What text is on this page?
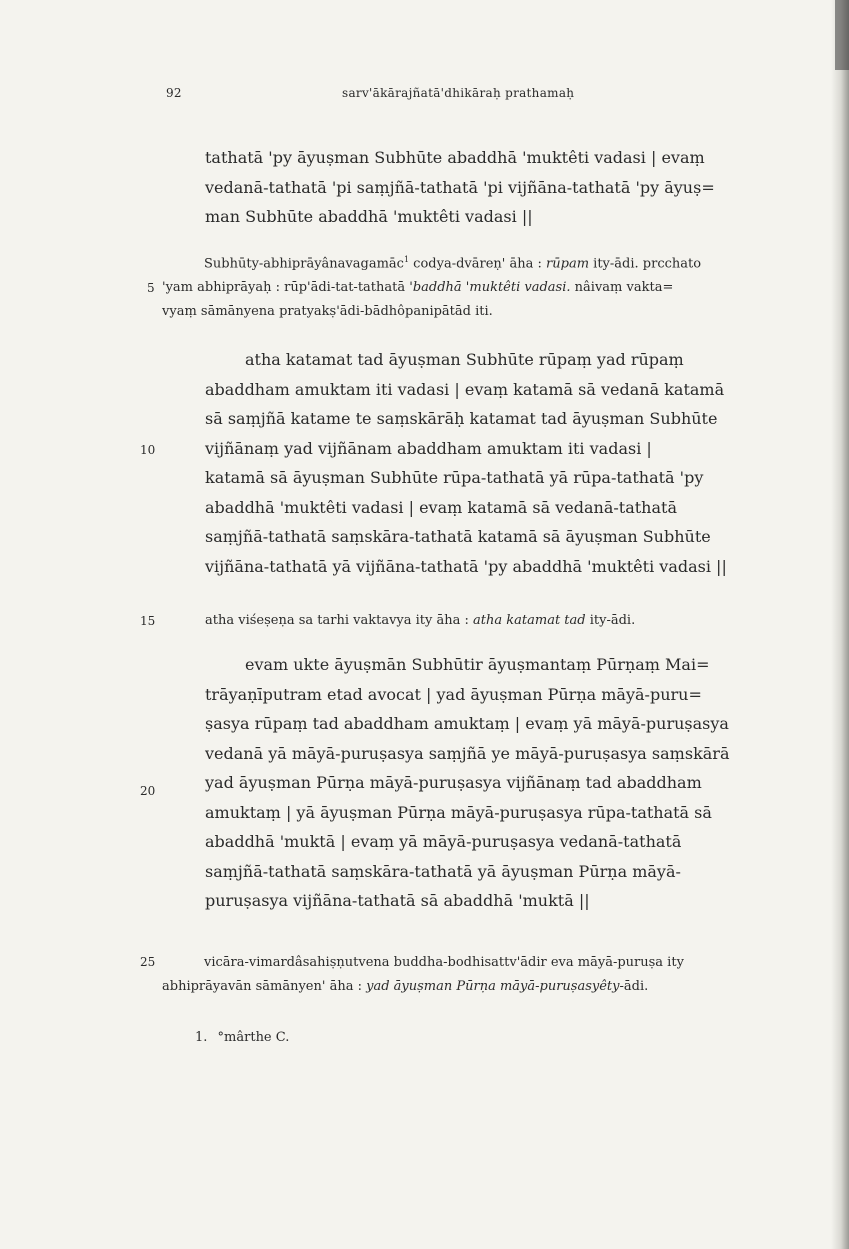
92	sarv'ākārajñatā'dhikāraḥ prathamaḥ
5
10
15
20
25
tathatā 'py āyuṣman Subhūte abaddhā 'muktêti vadasi | evaṃ
vedanā-tathatā 'pi saṃjñā-tathatā 'pi vijñāna-tathatā 'py āyuṣ=
man Subhūte abaddhā 'muktêti vadasi ||
Subhūty-abhiprāyânavagamāc$^1$ codya-dvāreṇ' āha : rūpam ity-ādi. prcchato
'yam abhiprāyaḥ : rūp'ādi-tat-tathatā 'baddhā 'muktêti vadasi. nâivaṃ vakta=
vyaṃ sāmānyena pratyakṣ'ādi-bādhôpanipātād iti.
atha katamat tad āyuṣman Subhūte rūpaṃ yad rūpaṃ
abaddham amuktam iti vadasi | evaṃ katamā sā vedanā katamā
sā saṃjñā katame te saṃskārāḥ katamat tad āyuṣman Subhūte
vijñānaṃ yad vijñānam abaddham amuktam iti vadasi |
katamā sā āyuṣman Subhūte rūpa-tathatā yā rūpa-tathatā 'py
abaddhā 'muktêti vadasi | evaṃ katamā sā vedanā-tathatā
saṃjñā-tathatā saṃskāra-tathatā katamā sā āyuṣman Subhūte
vijñāna-tathatā yā vijñāna-tathatā 'py abaddhā 'muktêti vadasi ||
atha viśeṣeṇa sa tarhi vaktavya ity āha : atha katamat tad ity-ādi.
evam ukte āyuṣmān Subhūtir āyuṣmantaṃ Pūrṇaṃ Mai=
trāyaṇīputram etad avocat | yad āyuṣman Pūrṇa māyā-puru=
ṣasya rūpaṃ tad abaddham amuktaṃ | evaṃ yā māyā-puruṣasya
vedanā yā māyā-puruṣasya saṃjñā ye māyā-puruṣasya saṃskārā
yad āyuṣman Pūrṇa māyā-puruṣasya vijñānaṃ tad abaddham
amuktaṃ | yā āyuṣman Pūrṇa māyā-puruṣasya rūpa-tathatā sā
abaddhā 'muktā | evaṃ yā māyā-puruṣasya vedanā-tathatā
saṃjñā-tathatā saṃskāra-tathatā yā āyuṣman Pūrṇa māyā-
puruṣasya vijñāna-tathatā sā abaddhā 'muktā ||
vicāra-vimardâsahiṣṇutvena buddha-bodhisattv'ādir eva māyā-puruṣa ity
abhiprāyavān sāmānyen' āha : yad āyuṣman Pūrṇa māyā-puruṣasyêty-ādi.
1. °mârthe C.
